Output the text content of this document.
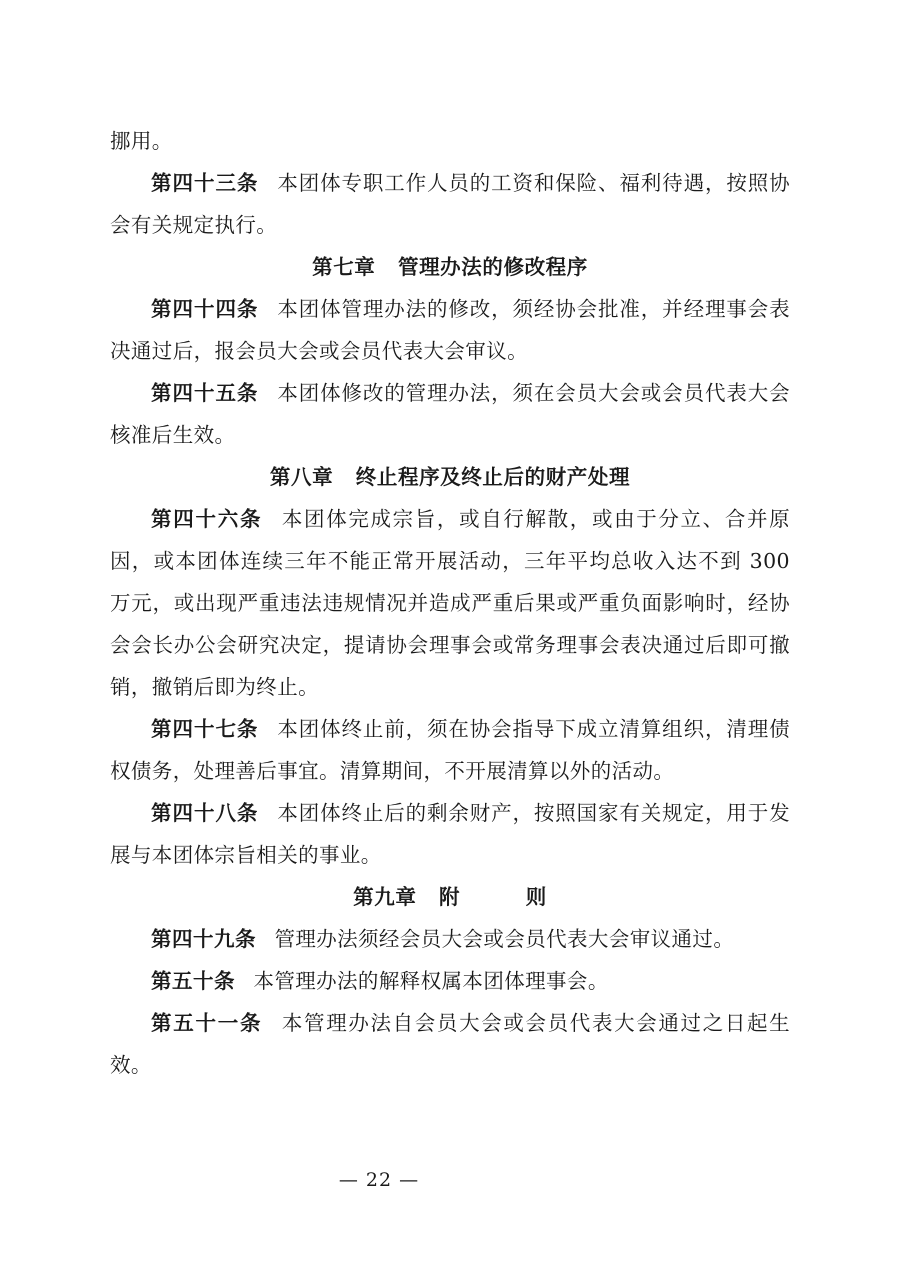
挪用。

第四十三条 本团体专职工作人员的工资和保险、福利待遇，按照协会有关规定执行。

第七章 管理办法的修改程序

第四十四条 本团体管理办法的修改，须经协会批准，并经理事会表决通过后，报会员大会或会员代表大会审议。

第四十五条 本团体修改的管理办法，须在会员大会或会员代表大会核准后生效。

第八章 终止程序及终止后的财产处理

第四十六条 本团体完成宗旨，或自行解散，或由于分立、合并原因，或本团体连续三年不能正常开展活动，三年平均总收入达不到 300 万元，或出现严重违法违规情况并造成严重后果或严重负面影响时，经协会会长办公会研究决定，提请协会理事会或常务理事会表决通过后即可撤销，撤销后即为终止。

第四十七条 本团体终止前，须在协会指导下成立清算组织，清理债权债务，处理善后事宜。清算期间，不开展清算以外的活动。

第四十八条 本团体终止后的剩余财产，按照国家有关规定，用于发展与本团体宗旨相关的事业。

第九章 附	则

第四十九条 管理办法须经会员大会或会员代表大会审议通过。

第五十条 本管理办法的解释权属本团体理事会。

第五十一条 本管理办法自会员大会或会员代表大会通过之日起生效。

— 22 —
